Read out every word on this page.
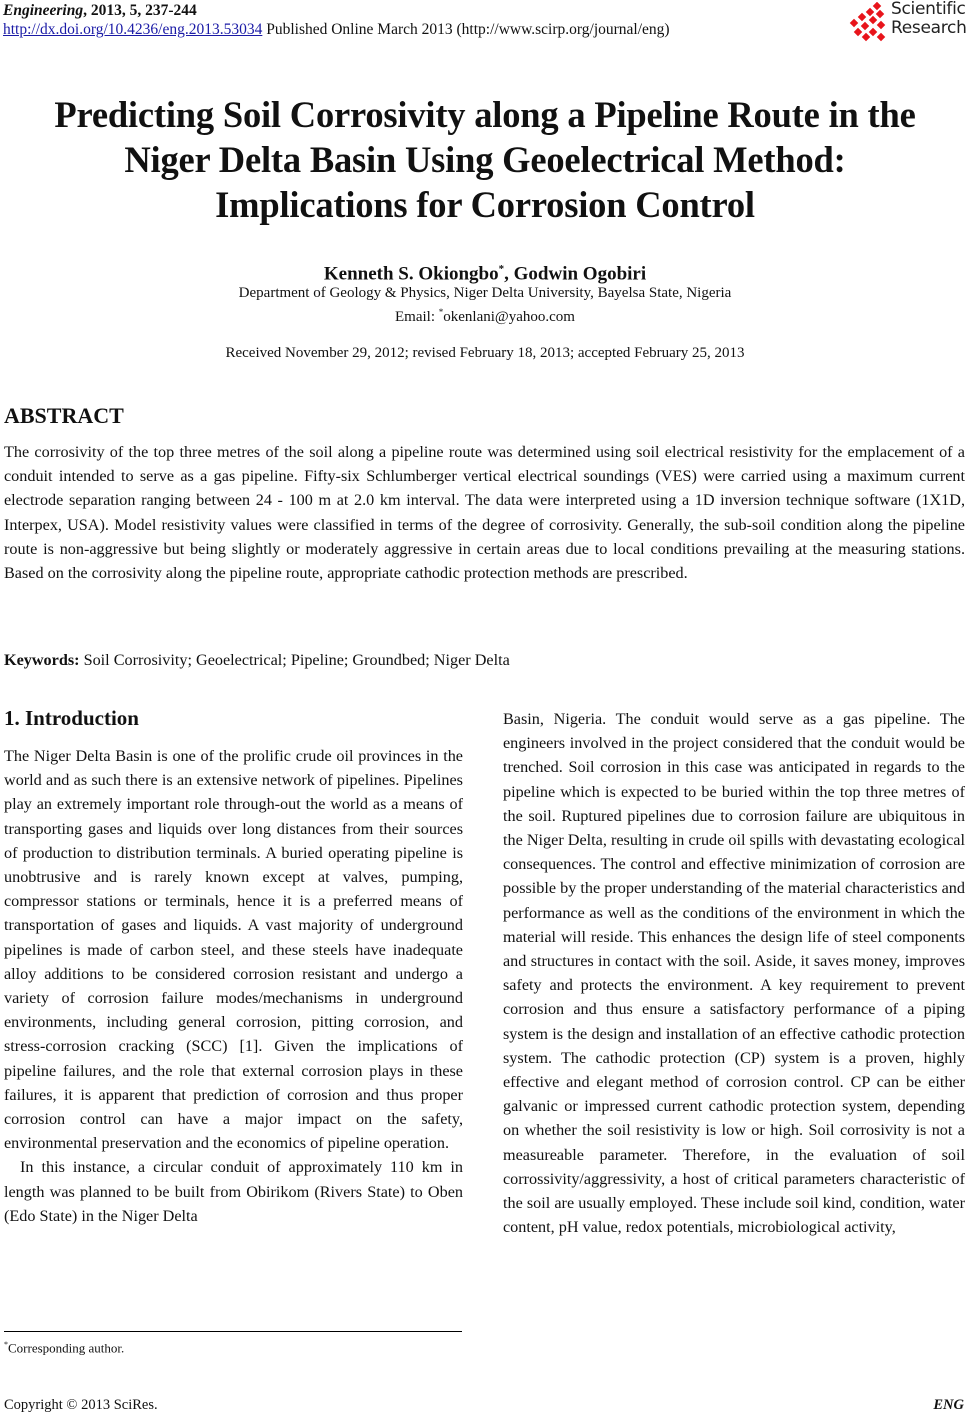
Engineering, 2013, 5, 237-244
http://dx.doi.org/10.4236/eng.2013.53034 Published Online March 2013 (http://www.scirp.org/journal/eng)
Scientific
Research
Predicting Soil Corrosivity along a Pipeline Route in the
Niger Delta Basin Using Geoelectrical Method:
Implications for Corrosion Control
Kenneth S. Okiongbo*, Godwin Ogobiri
Department of Geology & Physics, Niger Delta University, Bayelsa State, Nigeria
Email: *okenlani@yahoo.com
Received November 29, 2012; revised February 18, 2013; accepted February 25, 2013
ABSTRACT
The corrosivity of the top three metres of the soil along a pipeline route was determined using soil electrical resistivity for the emplacement of a conduit intended to serve as a gas pipeline. Fifty-six Schlumberger vertical electrical soundings (VES) were carried using a maximum current electrode separation ranging between 24 - 100 m at 2.0 km interval. The data were interpreted using a 1D inversion technique software (1X1D, Interpex, USA). Model resistivity values were classified in terms of the degree of corrosivity. Generally, the sub-soil condition along the pipeline route is non-aggressive but being slightly or moderately aggressive in certain areas due to local conditions prevailing at the measuring stations. Based on the corrosivity along the pipeline route, appropriate cathodic protection methods are prescribed.
Keywords: Soil Corrosivity; Geoelectrical; Pipeline; Groundbed; Niger Delta
1. Introduction

The Niger Delta Basin is one of the prolific crude oil provinces in the world and as such there is an extensive network of pipelines. Pipelines play an extremely important role through-out the world as a means of transporting gases and liquids over long distances from their sources of production to distribution terminals. A buried operating pipeline is unobtrusive and is rarely known except at valves, pumping, compressor stations or terminals, hence it is a preferred means of transportation of gases and liquids. A vast majority of underground pipelines is made of carbon steel, and these steels have inadequate alloy additions to be considered corrosion resistant and undergo a variety of corrosion failure modes/mechanisms in underground environments, including general corrosion, pitting corrosion, and stress-corrosion cracking (SCC) [1]. Given the implications of pipeline failures, and the role that external corrosion plays in these failures, it is apparent that prediction of corrosion and thus proper corrosion control can have a major impact on the safety, environmental preservation and the economics of pipeline operation.

In this instance, a circular conduit of approximately 110 km in length was planned to be built from Obirikom (Rivers State) to Oben (Edo State) in the Niger Delta

Basin, Nigeria. The conduit would serve as a gas pipeline. The engineers involved in the project considered that the conduit would be trenched. Soil corrosion in this case was anticipated in regards to the pipeline which is expected to be buried within the top three metres of the soil. Ruptured pipelines due to corrosion failure are ubiquitous in the Niger Delta, resulting in crude oil spills with devastating ecological consequences. The control and effective minimization of corrosion are possible by the proper understanding of the material characteristics and performance as well as the conditions of the environment in which the material will reside. This enhances the design life of steel components and structures in contact with the soil. Aside, it saves money, improves safety and protects the environment. A key requirement to prevent corrosion and thus ensure a satisfactory performance of a piping system is the design and installation of an effective cathodic protection system. The cathodic protection (CP) system is a proven, highly effective and elegant method of corrosion control. CP can be either galvanic or impressed current cathodic protection system, depending on whether the soil resistivity is low or high. Soil corrosivity is not a measureable parameter. Therefore, in the evaluation of soil corrossivity/aggressivity, a host of critical parameters characteristic of the soil are usually employed. These include soil kind, condition, water content, pH value, redox potentials, microbiological activity,

*Corresponding author.
Copyright © 2013 SciRes.	ENG
